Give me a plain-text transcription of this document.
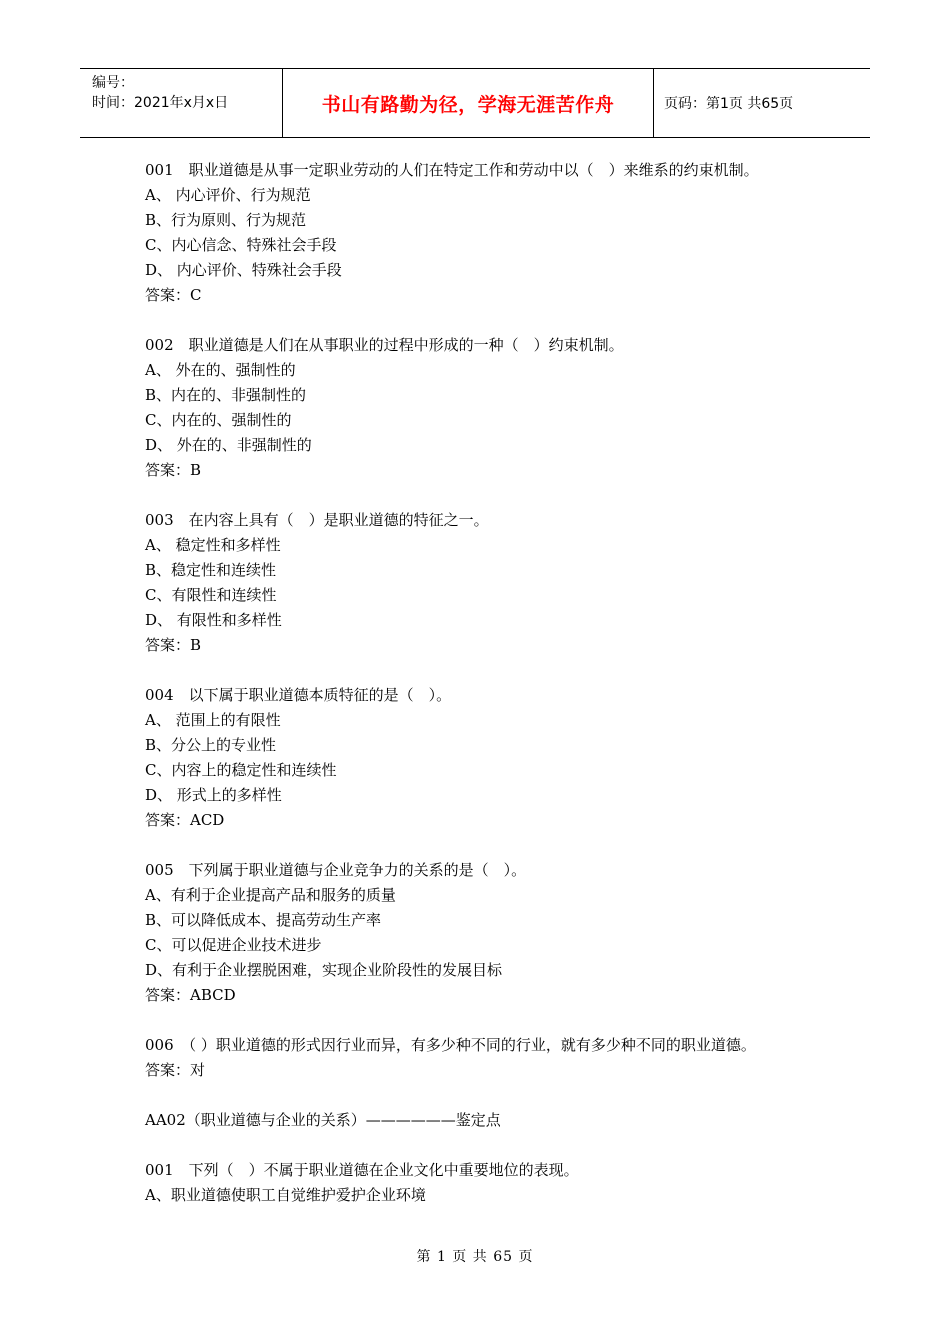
编号：
时间：2021年x月x日	书山有路勤为径，学海无涯苦作舟	页码：第1页 共65页
001　职业道德是从事一定职业劳动的人们在特定工作和劳动中以（　）来维系的约束机制。
A、 内心评价、行为规范
B、行为原则、行为规范
C、内心信念、特殊社会手段
D、 内心评价、特殊社会手段
答案：C
002　职业道德是人们在从事职业的过程中形成的一种（　）约束机制。
A、 外在的、强制性的
B、内在的、非强制性的
C、内在的、强制性的
D、 外在的、非强制性的
答案：B
003　在内容上具有（　）是职业道德的特征之一。
A、 稳定性和多样性
B、稳定性和连续性
C、有限性和连续性
D、 有限性和多样性
答案：B
004　以下属于职业道德本质特征的是（　）。
A、 范围上的有限性
B、分公上的专业性
C、内容上的稳定性和连续性
D、 形式上的多样性
答案：ACD
005　下列属于职业道德与企业竞争力的关系的是（　）。
A、有利于企业提高产品和服务的质量
B、可以降低成本、提高劳动生产率
C、可以促进企业技术进步
D、有利于企业摆脱困难，实现企业阶段性的发展目标
答案：ABCD
006　（ ）职业道德的形式因行业而异，有多少种不同的行业，就有多少种不同的职业道德。
答案：对
AA02（职业道德与企业的关系）——————鉴定点
001　下列（　）不属于职业道德在企业文化中重要地位的表现。
A、职业道德使职工自觉维护爱护企业环境
第 1 页 共 65 页
